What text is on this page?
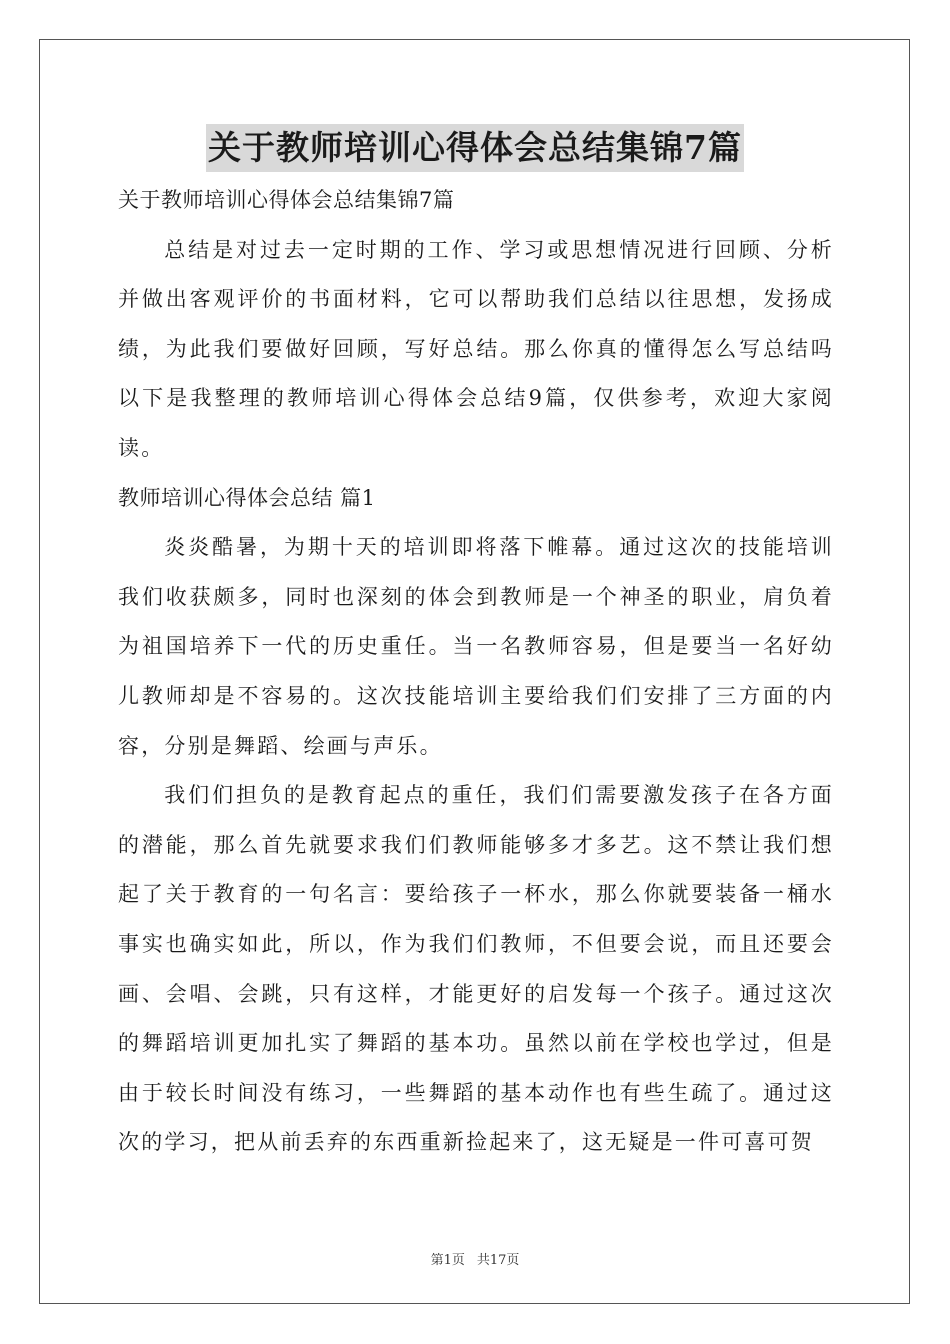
关于教师培训心得体会总结集锦7篇

关于教师培训心得体会总结集锦7篇

总结是对过去一定时期的工作、学习或思想情况进行回顾、分析并做出客观评价的书面材料，它可以帮助我们总结以往思想，发扬成绩，为此我们要做好回顾，写好总结。那么你真的懂得怎么写总结吗以下是我整理的教师培训心得体会总结9篇，仅供参考，欢迎大家阅读。

教师培训心得体会总结 篇1

炎炎酷暑，为期十天的培训即将落下帷幕。通过这次的技能培训我们收获颇多，同时也深刻的体会到教师是一个神圣的职业，肩负着为祖国培养下一代的历史重任。当一名教师容易，但是要当一名好幼儿教师却是不容易的。这次技能培训主要给我们们安排了三方面的内容，分别是舞蹈、绘画与声乐。

我们们担负的是教育起点的重任，我们们需要激发孩子在各方面的潜能，那么首先就要求我们们教师能够多才多艺。这不禁让我们想起了关于教育的一句名言：要给孩子一杯水，那么你就要装备一桶水事实也确实如此，所以，作为我们们教师，不但要会说，而且还要会画、会唱、会跳，只有这样，才能更好的启发每一个孩子。通过这次的舞蹈培训更加扎实了舞蹈的基本功。虽然以前在学校也学过，但是由于较长时间没有练习，一些舞蹈的基本动作也有些生疏了。通过这次的学习，把从前丢弃的东西重新捡起来了，这无疑是一件可喜可贺

第1页 共17页
